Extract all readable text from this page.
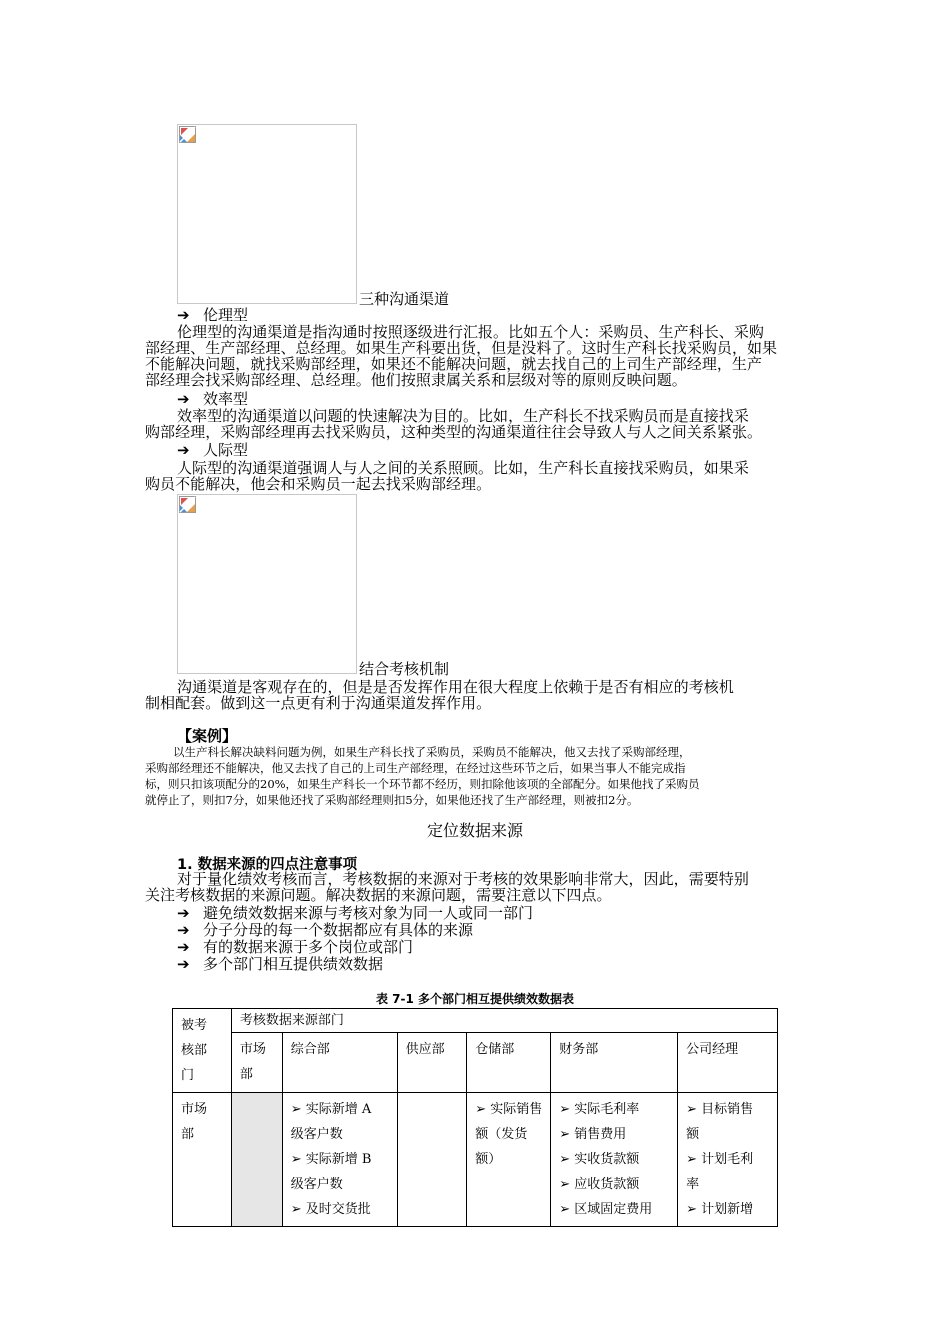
三种沟通渠道
➔ 伦理型
伦理型的沟通渠道是指沟通时按照逐级进行汇报。比如五个人：采购员、生产科长、采购
部经理、生产部经理、总经理。如果生产科要出货，但是没料了。这时生产科长找采购员，如果
不能解决问题，就找采购部经理，如果还不能解决问题，就去找自己的上司生产部经理，生产
部经理会找采购部经理、总经理。他们按照隶属关系和层级对等的原则反映问题。
➔ 效率型
效率型的沟通渠道以问题的快速解决为目的。比如，生产科长不找采购员而是直接找采
购部经理，采购部经理再去找采购员，这种类型的沟通渠道往往会导致人与人之间关系紧张。
➔ 人际型
人际型的沟通渠道强调人与人之间的关系照顾。比如，生产科长直接找采购员，如果采
购员不能解决，他会和采购员一起去找采购部经理。
结合考核机制
沟通渠道是客观存在的，但是是否发挥作用在很大程度上依赖于是否有相应的考核机
制相配套。做到这一点更有利于沟通渠道发挥作用。
【案例】
以生产科长解决缺料问题为例，如果生产科长找了采购员，采购员不能解决，他又去找了采购部经理，
采购部经理还不能解决，他又去找了自己的上司生产部经理，在经过这些环节之后，如果当事人不能完成指
标，则只扣该项配分的20%，如果生产科长一个环节都不经历，则扣除他该项的全部配分。如果他找了采购员
就停止了，则扣7分，如果他还找了采购部经理则扣5分，如果他还找了生产部经理，则被扣2分。
定位数据来源
1. 数据来源的四点注意事项
对于量化绩效考核而言，考核数据的来源对于考核的效果影响非常大，因此，需要特别
关注考核数据的来源问题。解决数据的来源问题，需要注意以下四点。
➔ 避免绩效数据来源与考核对象为同一人或同一部门
➔ 分子分母的每一个数据都应有具体的来源
➔ 有的数据来源于多个岗位或部门
➔ 多个部门相互提供绩效数据
表 7-1 多个部门相互提供绩效数据表
被考
核部
门	考核数据来源部门					

	市场
部	综合部	供应部	仓储部	财务部	公司经理

市场
部		➢ 实际新增 A
级客户数
➢ 实际新增 B
级客户数
➢ 及时交货批		➢ 实际销售
额（发货
额）	➢ 实际毛利率
➢ 销售费用
➢ 实收货款额
➢ 应收货款额
➢ 区域固定费用	➢ 目标销售
额
➢ 计划毛利
率
➢ 计划新增
